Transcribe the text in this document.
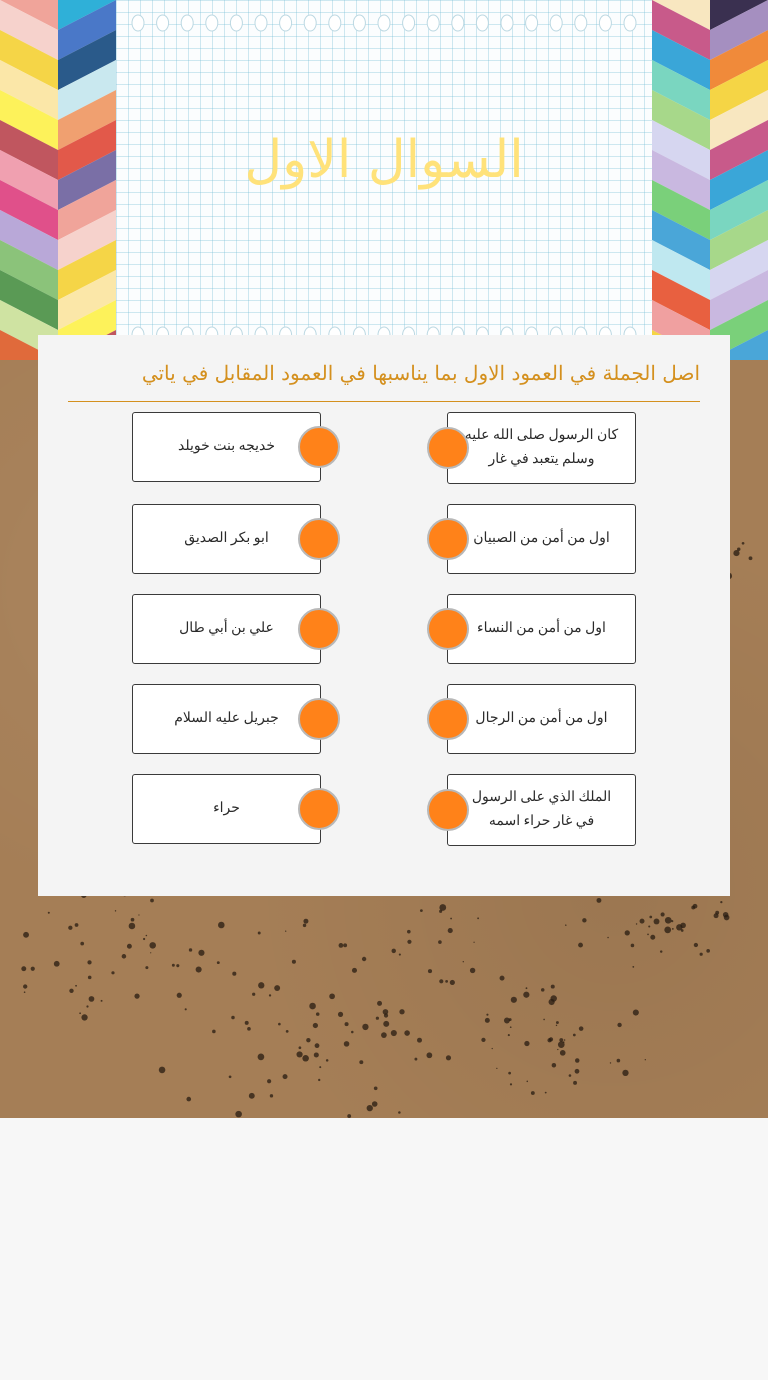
السوال الاول
اصل الجملة في العمود الاول بما يناسبها في العمود المقابل في ياتي
كان الرسول صلى الله عليه وسلم يتعبد في غار
خديجه بنت خويلد
اول من أمن من الصبيان
ابو بكر الصديق
اول من أمن من النساء
علي بن أبي طال
اول من أمن من الرجال
جبريل عليه السلام
الملك الذي على الرسول في غار حراء اسمه
حراء
